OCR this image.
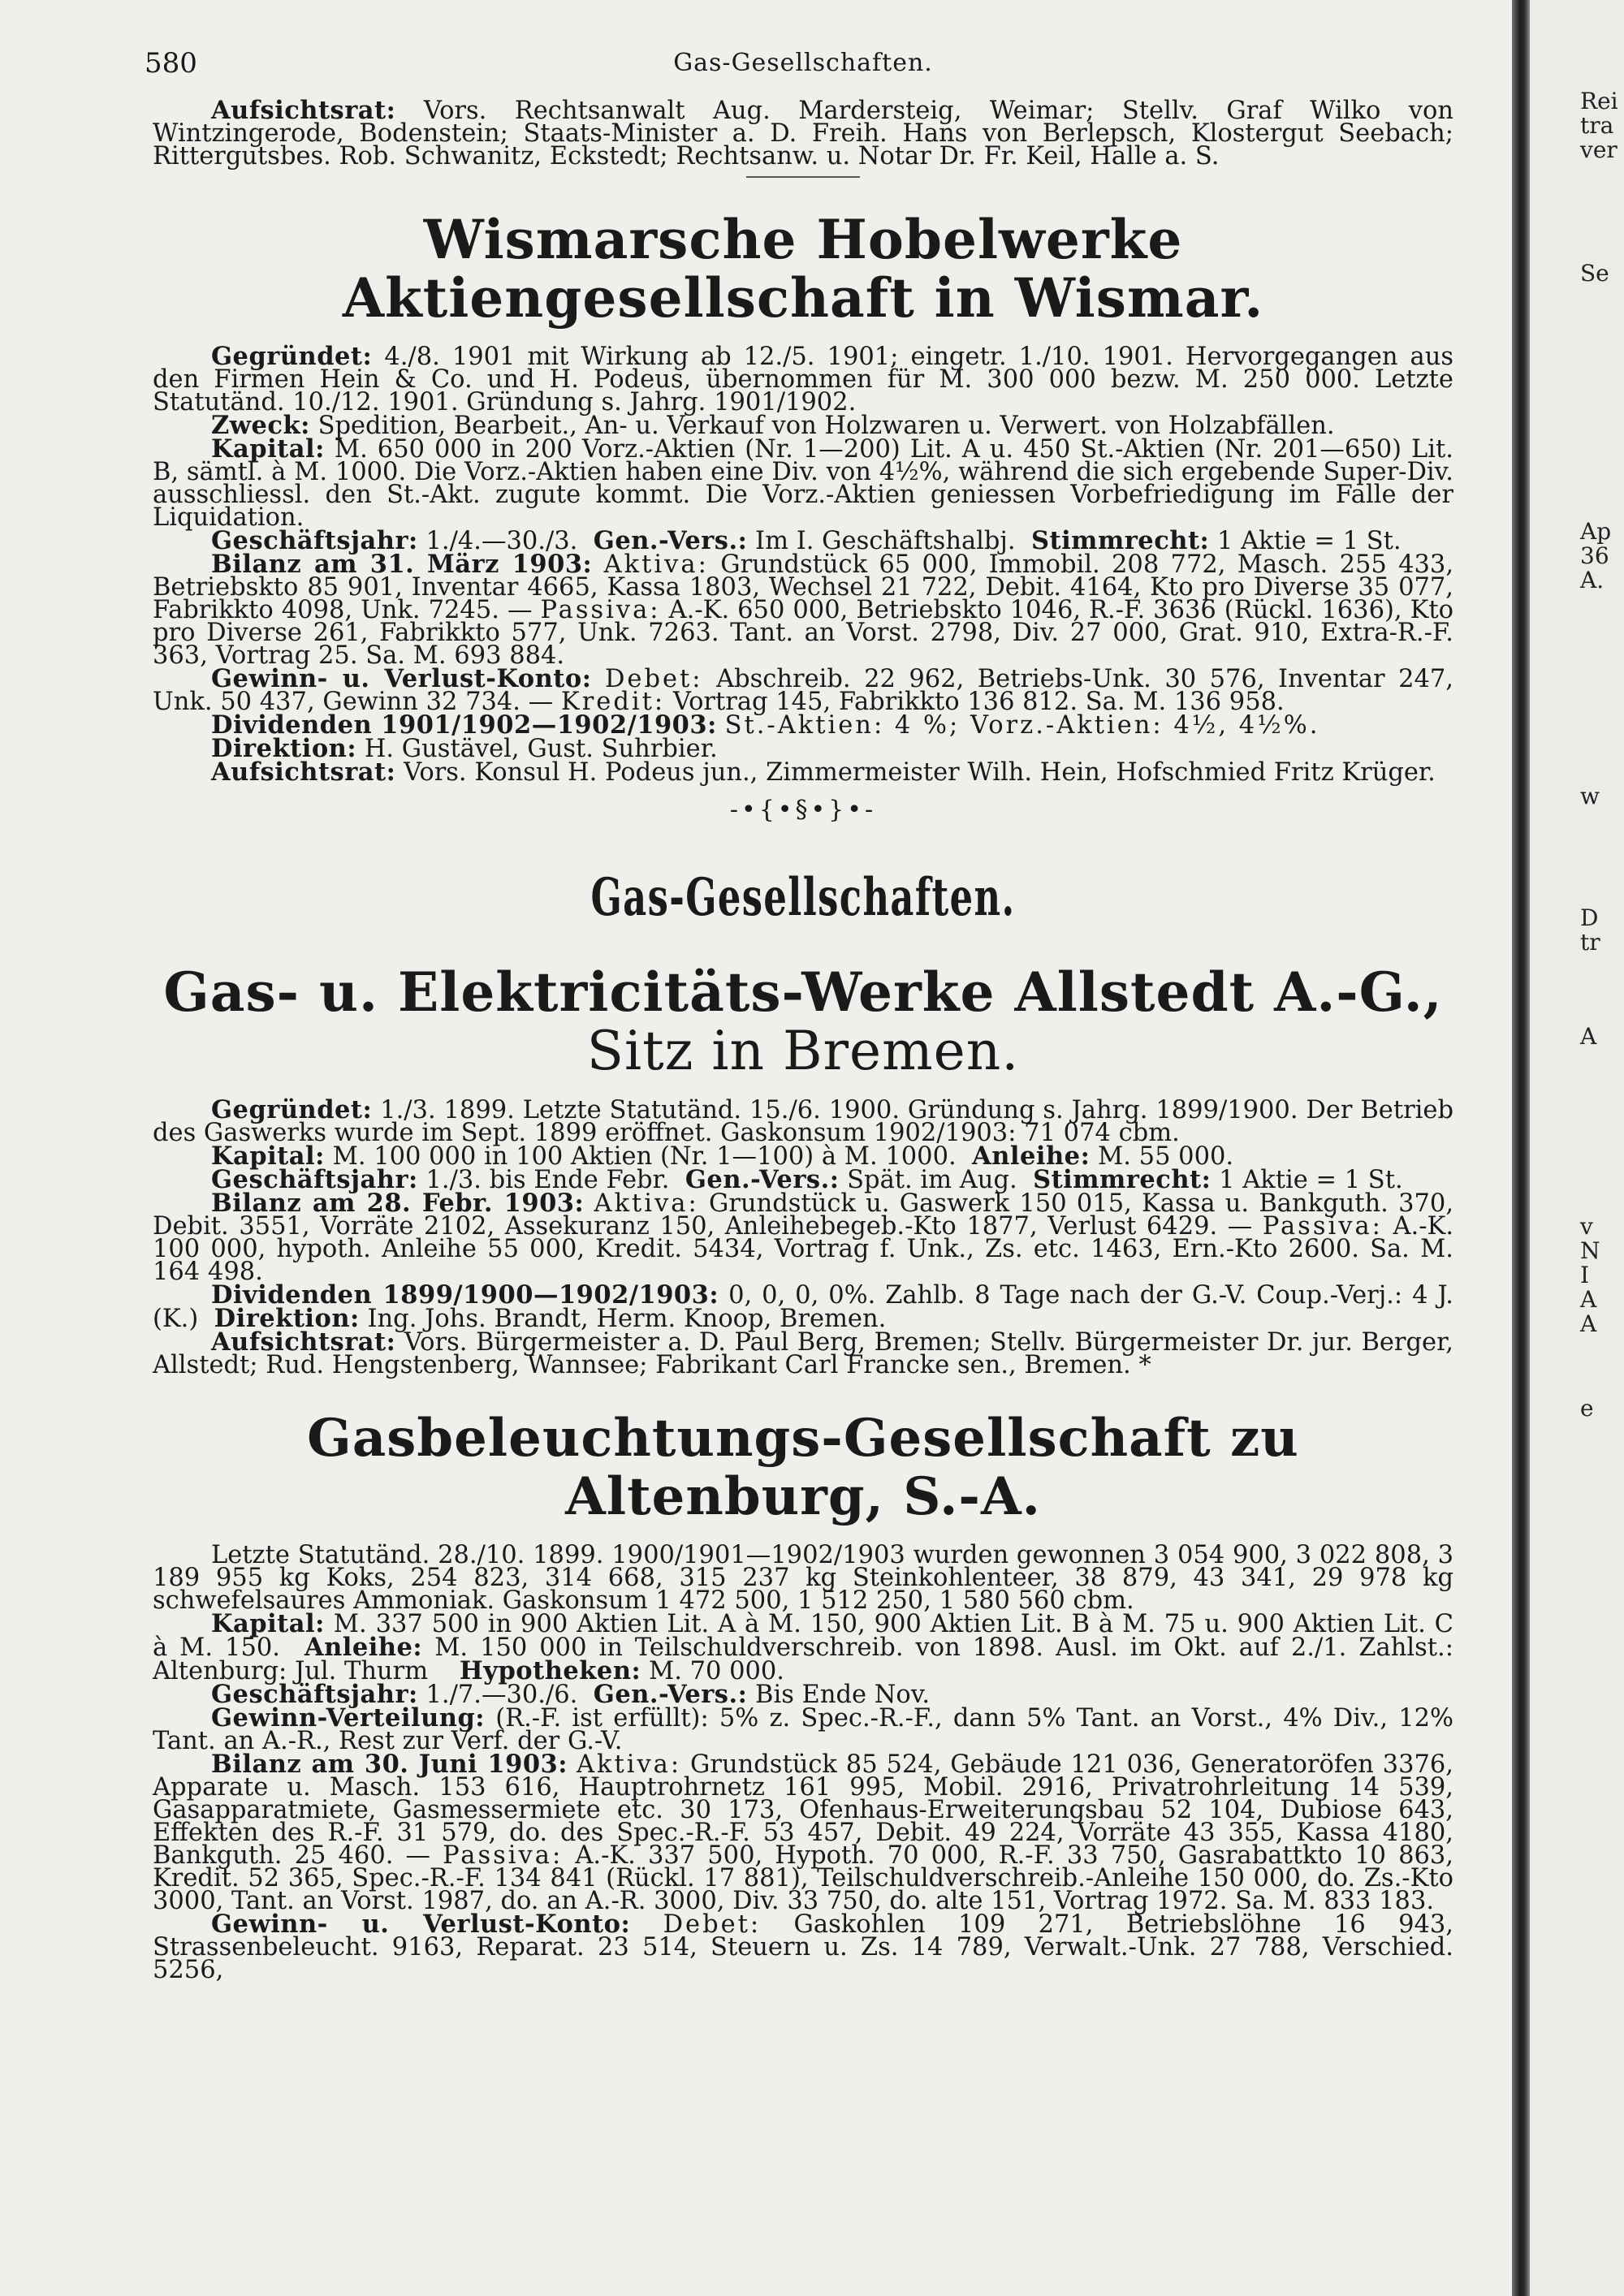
580	Gas-Gesellschaften.

Aufsichtsrat: Vors. Rechtsanwalt Aug. Mardersteig, Weimar; Stellv. Graf Wilko von Wintzingerode, Bodenstein; Staats-Minister a. D. Freih. Hans von Berlepsch, Klostergut Seebach; Rittergutsbes. Rob. Schwanitz, Eckstedt; Rechtsanw. u. Notar Dr. Fr. Keil, Halle a. S.

Wismarsche Hobelwerke Aktiengesellschaft in Wismar.

Gegründet: 4./8. 1901 mit Wirkung ab 12./5. 1901; eingetr. 1./10. 1901. Hervorgegangen aus den Firmen Hein & Co. und H. Podeus, übernommen für M. 300 000 bezw. M. 250 000. Letzte Statutänd. 10./12. 1901. Gründung s. Jahrg. 1901/1902.

Zweck: Spedition, Bearbeit., An- u. Verkauf von Holzwaren u. Verwert. von Holzabfällen.

Kapital: M. 650 000 in 200 Vorz.-Aktien (Nr. 1—200) Lit. A u. 450 St.-Aktien (Nr. 201—650) Lit. B, sämtl. à M. 1000. Die Vorz.-Aktien haben eine Div. von 4½%, während die sich ergebende Super-Div. ausschliessl. den St.-Akt. zugute kommt. Die Vorz.-Aktien geniessen Vorbefriedigung im Falle der Liquidation.

Geschäftsjahr: 1./4.—30./3. Gen.-Vers.: Im I. Geschäftshalbj. Stimmrecht: 1 Aktie = 1 St.

Bilanz am 31. März 1903: Aktiva: Grundstück 65 000, Immobil. 208 772, Masch. 255 433, Betriebskto 85 901, Inventar 4665, Kassa 1803, Wechsel 21 722, Debit. 4164, Kto pro Diverse 35 077, Fabrikkto 4098, Unk. 7245. — Passiva: A.-K. 650 000, Betriebskto 1046, R.-F. 3636 (Rückl. 1636), Kto pro Diverse 261, Fabrikkto 577, Unk. 7263. Tant. an Vorst. 2798, Div. 27 000, Grat. 910, Extra-R.-F. 363, Vortrag 25. Sa. M. 693 884.

Gewinn- u. Verlust-Konto: Debet: Abschreib. 22 962, Betriebs-Unk. 30 576, Inventar 247, Unk. 50 437, Gewinn 32 734. — Kredit: Vortrag 145, Fabrikkto 136 812. Sa. M. 136 958.

Dividenden 1901/1902—1902/1903: St.-Aktien: 4 %; Vorz.-Aktien: 4½, 4½%.

Direktion: H. Gustävel, Gust. Suhrbier.

Aufsichtsrat: Vors. Konsul H. Podeus jun., Zimmermeister Wilh. Hein, Hofschmied Fritz Krüger.

-•{•§•}•-
Gas-Gesellschaften.
Gas- u. Elektricitäts-Werke Allstedt A.-G., Sitz in Bremen.

Gegründet: 1./3. 1899. Letzte Statutänd. 15./6. 1900. Gründung s. Jahrg. 1899/1900. Der Betrieb des Gaswerks wurde im Sept. 1899 eröffnet. Gaskonsum 1902/1903: 71 074 cbm.

Kapital: M. 100 000 in 100 Aktien (Nr. 1—100) à M. 1000. Anleihe: M. 55 000.

Geschäftsjahr: 1./3. bis Ende Febr. Gen.-Vers.: Spät. im Aug. Stimmrecht: 1 Aktie = 1 St.

Bilanz am 28. Febr. 1903: Aktiva: Grundstück u. Gaswerk 150 015, Kassa u. Bankguth. 370, Debit. 3551, Vorräte 2102, Assekuranz 150, Anleihebegeb.-Kto 1877, Verlust 6429. — Passiva: A.-K. 100 000, hypoth. Anleihe 55 000, Kredit. 5434, Vortrag f. Unk., Zs. etc. 1463, Ern.-Kto 2600. Sa. M. 164 498.

Dividenden 1899/1900—1902/1903: 0, 0, 0, 0%. Zahlb. 8 Tage nach der G.-V. Coup.-Verj.: 4 J. (K.) Direktion: Ing. Johs. Brandt, Herm. Knoop, Bremen.

Aufsichtsrat: Vors. Bürgermeister a. D. Paul Berg, Bremen; Stellv. Bürgermeister Dr. jur. Berger, Allstedt; Rud. Hengstenberg, Wannsee; Fabrikant Carl Francke sen., Bremen. *

Gasbeleuchtungs-Gesellschaft zu Altenburg, S.-A.

Letzte Statutänd. 28./10. 1899. 1900/1901—1902/1903 wurden gewonnen 3 054 900, 3 022 808, 3 189 955 kg Koks, 254 823, 314 668, 315 237 kg Steinkohlenteer, 38 879, 43 341, 29 978 kg schwefelsaures Ammoniak. Gaskonsum 1 472 500, 1 512 250, 1 580 560 cbm.

Kapital: M. 337 500 in 900 Aktien Lit. A à M. 150, 900 Aktien Lit. B à M. 75 u. 900 Aktien Lit. C à M. 150. Anleihe: M. 150 000 in Teilschuldverschreib. von 1898. Ausl. im Okt. auf 2./1. Zahlst.: Altenburg: Jul. Thurm Hypotheken: M. 70 000.

Geschäftsjahr: 1./7.—30./6. Gen.-Vers.: Bis Ende Nov.

Gewinn-Verteilung: (R.-F. ist erfüllt): 5% z. Spec.-R.-F., dann 5% Tant. an Vorst., 4% Div., 12% Tant. an A.-R., Rest zur Verf. der G.-V.

Bilanz am 30. Juni 1903: Aktiva: Grundstück 85 524, Gebäude 121 036, Generatoröfen 3376, Apparate u. Masch. 153 616, Hauptrohrnetz 161 995, Mobil. 2916, Privatrohrleitung 14 539, Gasapparatmiete, Gasmessermiete etc. 30 173, Ofenhaus-Erweiterungsbau 52 104, Dubiose 643, Effekten des R.-F. 31 579, do. des Spec.-R.-F. 53 457, Debit. 49 224, Vorräte 43 355, Kassa 4180, Bankguth. 25 460. — Passiva: A.-K. 337 500, Hypoth. 70 000, R.-F. 33 750, Gasrabattkto 10 863, Kredit. 52 365, Spec.-R.-F. 134 841 (Rückl. 17 881), Teilschuldverschreib.-Anleihe 150 000, do. Zs.-Kto 3000, Tant. an Vorst. 1987, do. an A.-R. 3000, Div. 33 750, do. alte 151, Vortrag 1972. Sa. M. 833 183.

Gewinn- u. Verlust-Konto: Debet: Gaskohlen 109 271, Betriebslöhne 16 943, Strassenbeleucht. 9163, Reparat. 23 514, Steuern u. Zs. 14 789, Verwalt.-Unk. 27 788, Verschied. 5256,

Rei
tra
ver
Se
Ap
36
A.
w
D
tr
A
v
N
I
A
A
e
